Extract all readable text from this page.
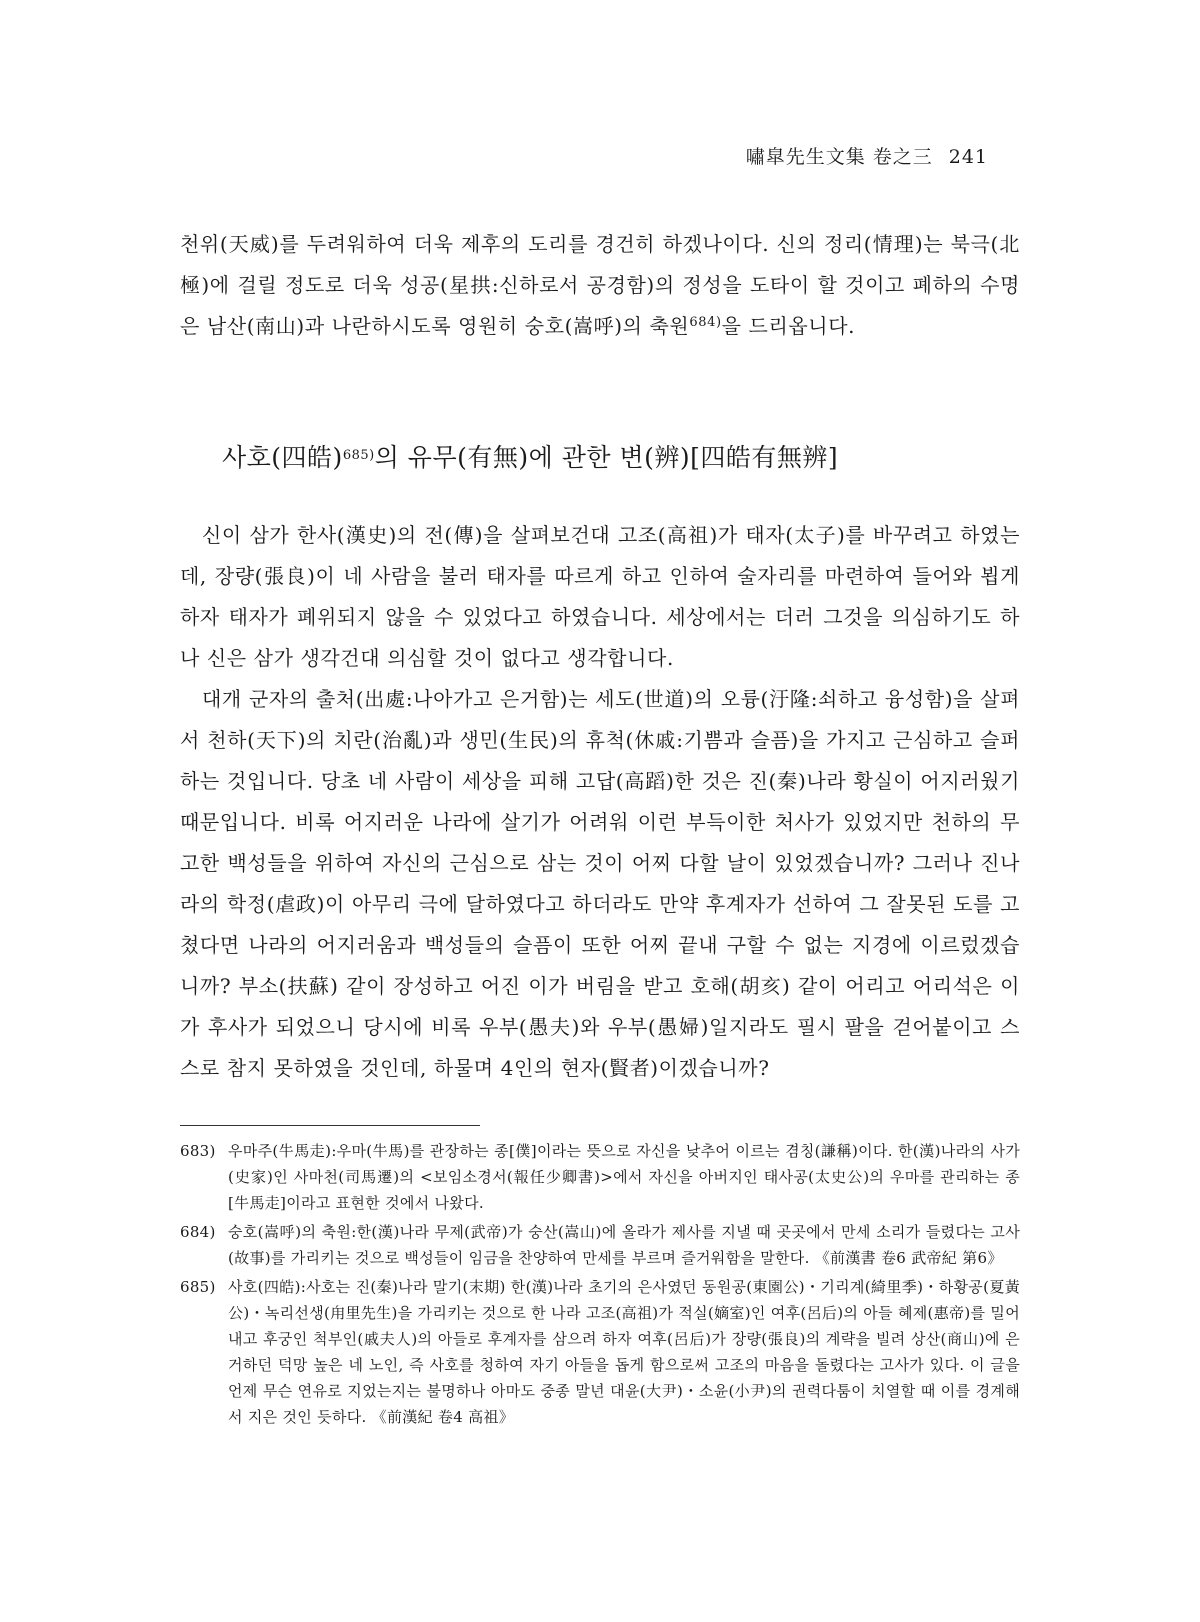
嘯皐先生文集 卷之三 241

천위(天威)를 두려워하여 더욱 제후의 도리를 경건히 하겠나이다. 신의 정리(情理)는 북극(北極)에 걸릴 정도로 더욱 성공(星拱:신하로서 공경함)의 정성을 도타이 할 것이고 폐하의 수명은 남산(南山)과 나란하시도록 영원히 숭호(嵩呼)의 축원$^{684)}$을 드리옵니다.

사호(四皓)$^{685)}$의 유무(有無)에 관한 변(辨)[四皓有無辨]

신이 삼가 한사(漢史)의 전(傳)을 살펴보건대 고조(高祖)가 태자(太子)를 바꾸려고 하였는데, 장량(張良)이 네 사람을 불러 태자를 따르게 하고 인하여 술자리를 마련하여 들어와 뵙게 하자 태자가 폐위되지 않을 수 있었다고 하였습니다. 세상에서는 더러 그것을 의심하기도 하나 신은 삼가 생각건대 의심할 것이 없다고 생각합니다.

대개 군자의 출처(出處:나아가고 은거함)는 세도(世道)의 오륭(汙隆:쇠하고 융성함)을 살펴서 천하(天下)의 치란(治亂)과 생민(生民)의 휴척(休戚:기쁨과 슬픔)을 가지고 근심하고 슬퍼하는 것입니다. 당초 네 사람이 세상을 피해 고답(高蹈)한 것은 진(秦)나라 황실이 어지러웠기 때문입니다. 비록 어지러운 나라에 살기가 어려워 이런 부득이한 처사가 있었지만 천하의 무고한 백성들을 위하여 자신의 근심으로 삼는 것이 어찌 다할 날이 있었겠습니까? 그러나 진나라의 학정(虐政)이 아무리 극에 달하였다고 하더라도 만약 후계자가 선하여 그 잘못된 도를 고쳤다면 나라의 어지러움과 백성들의 슬픔이 또한 어찌 끝내 구할 수 없는 지경에 이르렀겠습니까? 부소(扶蘇) 같이 장성하고 어진 이가 버림을 받고 호해(胡亥) 같이 어리고 어리석은 이가 후사가 되었으니 당시에 비록 우부(愚夫)와 우부(愚婦)일지라도 필시 팔을 걷어붙이고 스스로 참지 못하였을 것인데, 하물며 4인의 현자(賢者)이겠습니까?

683) 우마주(牛馬走):우마(牛馬)를 관장하는 종[僕]이라는 뜻으로 자신을 낮추어 이르는 겸칭(謙稱)이다. 한(漢)나라의 사가(史家)인 사마천(司馬遷)의 <보임소경서(報任少卿書)>에서 자신을 아버지인 태사공(太史公)의 우마를 관리하는 종[牛馬走]이라고 표현한 것에서 나왔다.
684) 숭호(嵩呼)의 축원:한(漢)나라 무제(武帝)가 숭산(嵩山)에 올라가 제사를 지낼 때 곳곳에서 만세 소리가 들렸다는 고사(故事)를 가리키는 것으로 백성들이 임금을 찬양하여 만세를 부르며 즐거워함을 말한다. 《前漢書 卷6 武帝紀 第6》
685) 사호(四皓):사호는 진(秦)나라 말기(末期) 한(漢)나라 초기의 은사였던 동원공(東園公)・기리계(綺里季)・하황공(夏黃公)・녹리선생(甪里先生)을 가리키는 것으로 한 나라 고조(高祖)가 적실(嫡室)인 여후(呂后)의 아들 혜제(惠帝)를 밀어내고 후궁인 척부인(戚夫人)의 아들로 후계자를 삼으려 하자 여후(呂后)가 장량(張良)의 계략을 빌려 상산(商山)에 은거하던 덕망 높은 네 노인, 즉 사호를 청하여 자기 아들을 돕게 함으로써 고조의 마음을 돌렸다는 고사가 있다. 이 글을 언제 무슨 연유로 지었는지는 불명하나 아마도 중종 말년 대윤(大尹)・소윤(小尹)의 권력다툼이 치열할 때 이를 경계해서 지은 것인 듯하다. 《前漢紀 卷4 高祖》
